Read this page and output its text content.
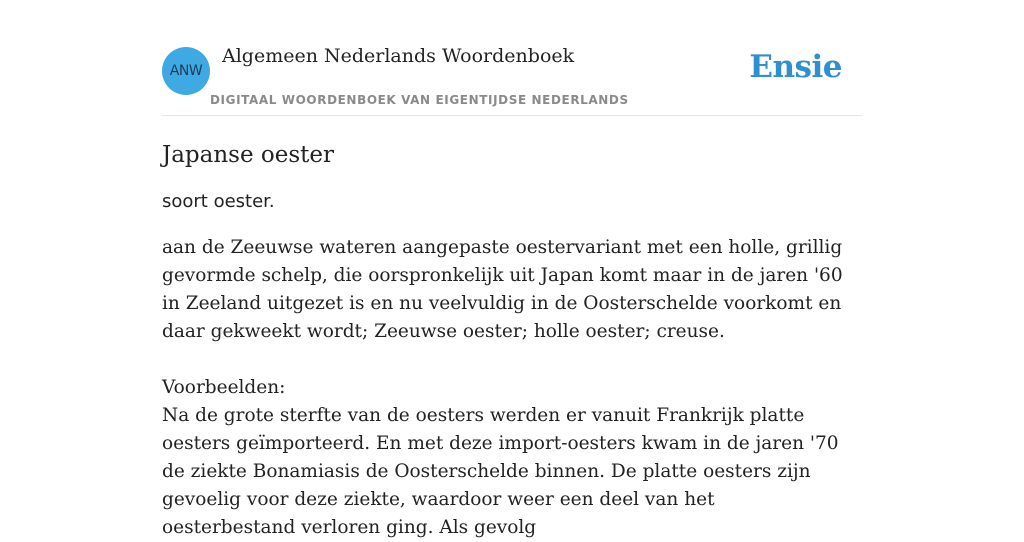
ANW
Algemeen Nederlands Woordenboek
DIGITAAL WOORDENBOEK VAN EIGENTIJDSE NEDERLANDS
Ensie
Japanse oester

soort oester.

aan de Zeeuwse wateren aangepaste oestervariant met een holle, grillig gevormde schelp, die oorspronkelijk uit Japan komt maar in de jaren '60 in Zeeland uitgezet is en nu veelvuldig in de Oosterschelde voorkomt en daar gekweekt wordt; Zeeuwse oester; holle oester; creuse.
Voorbeelden:
Na de grote sterfte van de oesters werden er vanuit Frankrijk platte oesters geïmporteerd. En met deze import-oesters kwam in de jaren '70 de ziekte Bonamiasis de Oosterschelde binnen. De platte oesters zijn gevoelig voor deze ziekte, waardoor weer een deel van het oesterbestand verloren ging. Als gevolg
